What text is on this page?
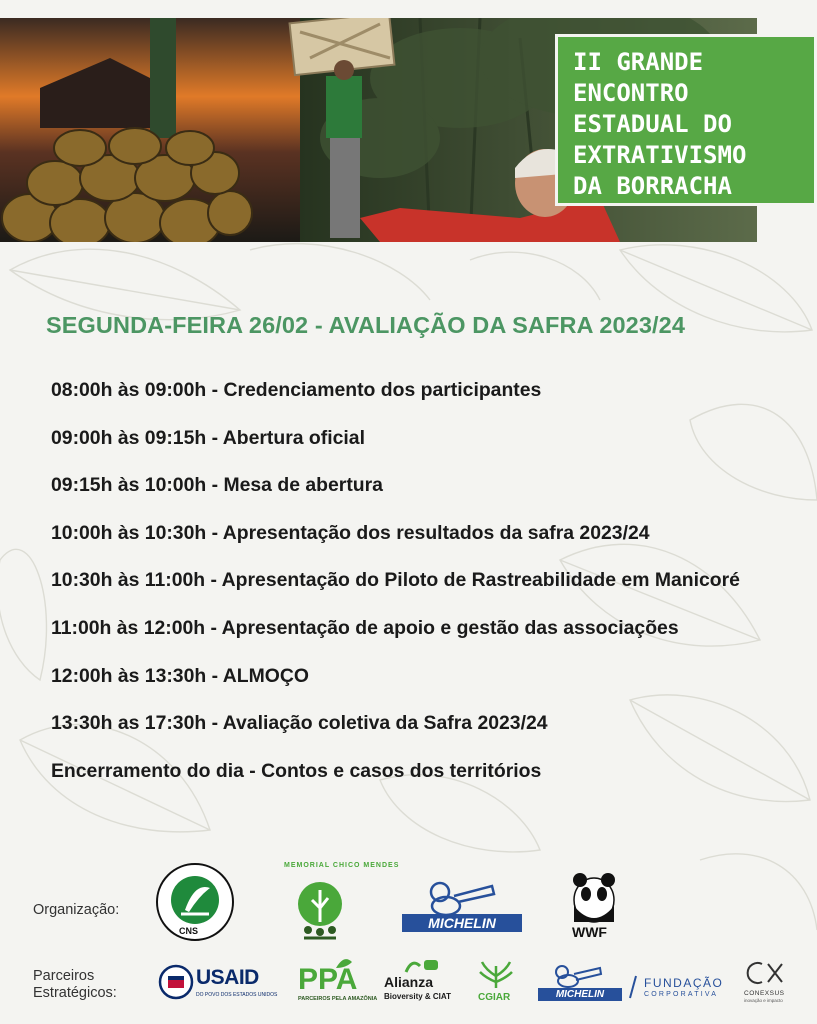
II GRANDE
ENCONTRO
ESTADUAL DO
EXTRATIVISMO
DA BORRACHA
SEGUNDA-FEIRA 26/02 - AVALIAÇÃO DA SAFRA 2023/24
08:00h às 09:00h - Credenciamento dos participantes
09:00h às 09:15h - Abertura oficial
09:15h às 10:00h - Mesa de abertura
10:00h às 10:30h - Apresentação dos resultados da safra 2023/24
10:30h às 11:00h - Apresentação do Piloto de Rastreabilidade em Manicoré
11:00h às 12:00h - Apresentação de apoio e gestão das associações
12:00h às 13:30h - ALMOÇO
13:30h as 17:30h - Avaliação coletiva da Safra 2023/24
Encerramento do dia - Contos e casos dos territórios
Organização:
Parceiros
Estratégicos:
CNS
MEMORIAL CHICO MENDES
MICHELIN
WWF
USAID
DO POVO DOS ESTADOS UNIDOS PPA
PARCEIROS PELA AMAZÔNIA
Alianza
Bioversity & CIAT	CGIAR	MICHELIN
FUNDAÇÃO
CORPORATIVA	CONEXSUS
inovação e impacto
